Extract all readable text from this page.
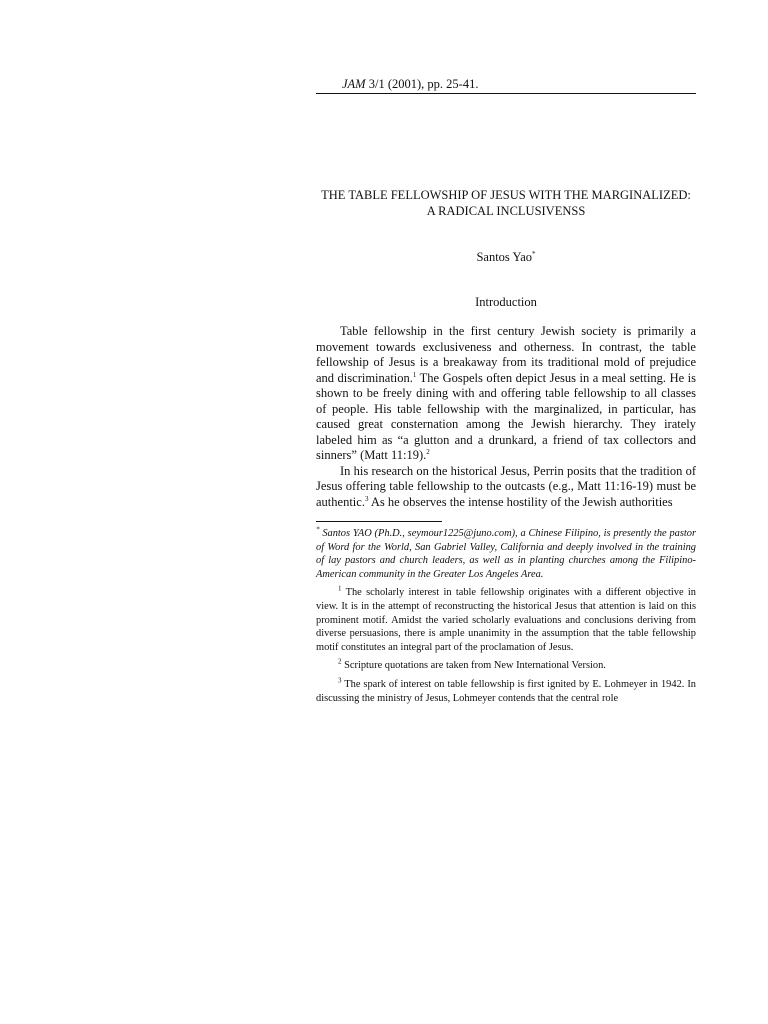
JAM 3/1 (2001), pp. 25-41.
THE TABLE FELLOWSHIP OF JESUS WITH THE MARGINALIZED:
A RADICAL INCLUSIVENSS
Santos Yao*
Introduction

Table fellowship in the first century Jewish society is primarily a movement towards exclusiveness and otherness. In contrast, the table fellowship of Jesus is a breakaway from its traditional mold of prejudice and discrimination.$^1$ The Gospels often depict Jesus in a meal setting. He is shown to be freely dining with and offering table fellowship to all classes of people. His table fellowship with the marginalized, in particular, has caused great consternation among the Jewish hierarchy. They irately labeled him as “a glutton and a drunkard, a friend of tax collectors and sinners” (Matt 11:19).$^2$

In his research on the historical Jesus, Perrin posits that the tradition of Jesus offering table fellowship to the outcasts (e.g., Matt 11:16-19) must be authentic.$^3$ As he observes the intense hostility of the Jewish authorities

* Santos YAO (Ph.D., seymour1225@juno.com), a Chinese Filipino, is presently the pastor of Word for the World, San Gabriel Valley, California and deeply involved in the training of lay pastors and church leaders, as well as in planting churches among the Filipino-American community in the Greater Los Angeles Area.

$^1$ The scholarly interest in table fellowship originates with a different objective in view. It is in the attempt of reconstructing the historical Jesus that attention is laid on this prominent motif. Amidst the varied scholarly evaluations and conclusions deriving from diverse persuasions, there is ample unanimity in the assumption that the table fellowship motif constitutes an integral part of the proclamation of Jesus.

$^2$ Scripture quotations are taken from New International Version.

$^3$ The spark of interest on table fellowship is first ignited by E. Lohmeyer in 1942. In discussing the ministry of Jesus, Lohmeyer contends that the central role
